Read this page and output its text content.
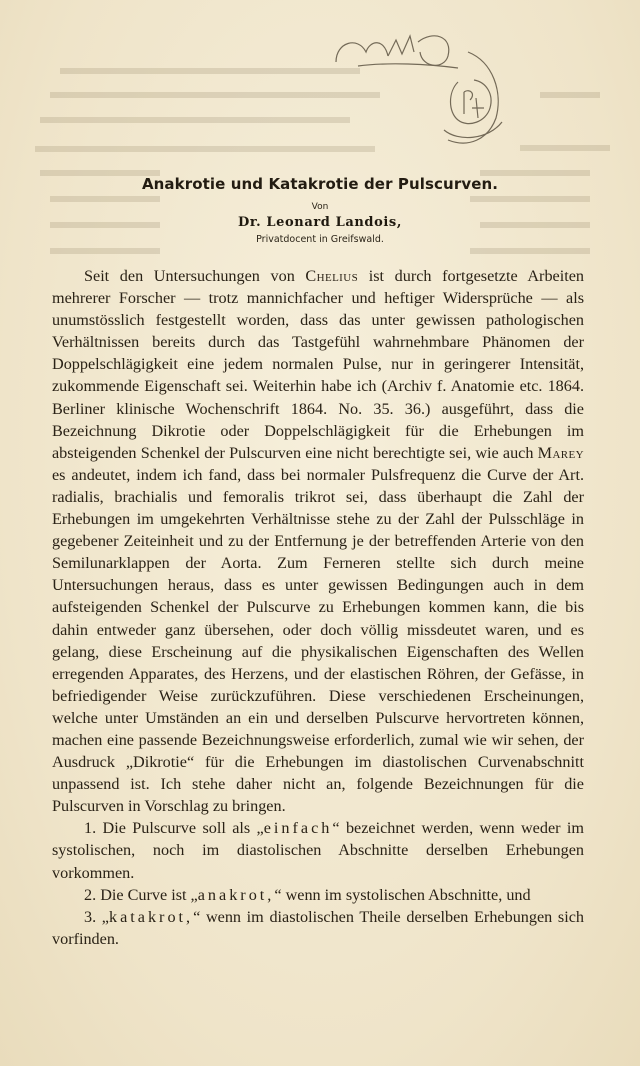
Anakrotie und Katakrotie der Pulscurven.
Von
Dr. Leonard Landois,
Privatdocent in Greifswald.

Seit den Untersuchungen von Chelius ist durch fortgesetzte Arbeiten mehrerer Forscher — trotz mannichfacher und heftiger Widersprüche — als unumstösslich festgestellt worden, dass das unter gewissen pathologischen Verhältnissen bereits durch das Tastgefühl wahrnehmbare Phänomen der Doppelschlägigkeit eine jedem normalen Pulse, nur in geringerer Intensität, zukommende Eigenschaft sei. Weiterhin habe ich (Archiv f. Anatomie etc. 1864. Berliner klinische Wochenschrift 1864. No. 35. 36.) ausgeführt, dass die Bezeichnung Dikrotie oder Doppelschlägigkeit für die Erhebungen im absteigenden Schenkel der Pulscurven eine nicht berechtigte sei, wie auch Marey es andeutet, indem ich fand, dass bei normaler Pulsfrequenz die Curve der Art. radialis, brachialis und femoralis trikrot sei, dass überhaupt die Zahl der Erhebungen im umgekehrten Verhältnisse stehe zu der Zahl der Pulsschläge in gegebener Zeiteinheit und zu der Entfernung je der betreffenden Arterie von den Semilunarklappen der Aorta. Zum Ferneren stellte sich durch meine Untersuchungen heraus, dass es unter gewissen Bedingungen auch in dem aufsteigenden Schenkel der Pulscurve zu Erhebungen kommen kann, die bis dahin entweder ganz übersehen, oder doch völlig missdeutet waren, und es gelang, diese Erscheinung auf die physikalischen Eigenschaften des Wellen erregenden Apparates, des Herzens, und der elastischen Röhren, der Gefässe, in befriedigender Weise zurückzuführen. Diese verschiedenen Erscheinungen, welche unter Umständen an ein und derselben Pulscurve hervortreten können, machen eine passende Bezeichnungsweise erforderlich, zumal wie wir sehen, der Ausdruck „Dikrotie“ für die Erhebungen im diastolischen Curvenabschnitt unpassend ist. Ich stehe daher nicht an, folgende Bezeichnungen für die Pulscurven in Vorschlag zu bringen.

1. Die Pulscurve soll als „einfach“ bezeichnet werden, wenn weder im systolischen, noch im diastolischen Abschnitte derselben Erhebungen vorkommen.

2. Die Curve ist „anakrot,“ wenn im systolischen Abschnitte, und

3. „katakrot,“ wenn im diastolischen Theile derselben Erhebungen sich vorfinden.
